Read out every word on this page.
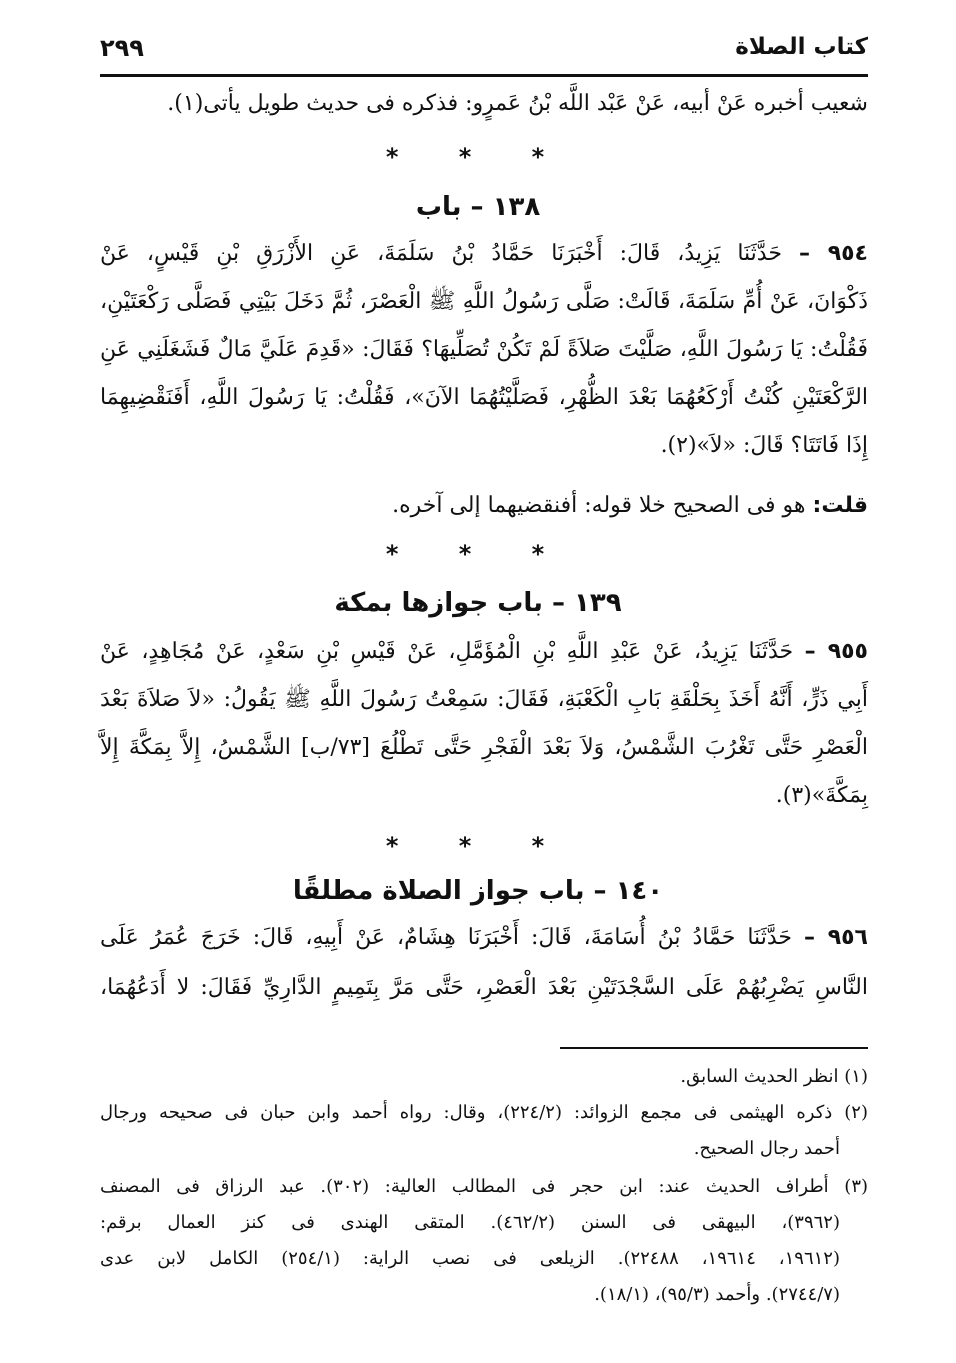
٢٩٩	كتاب الصلاة
شعيب أخبره عَنْ أبيه، عَنْ عَبْد اللَّه بْنُ عَمرٍو: فذكره فى حديث طويل يأتى(١).
* * *
١٣٨ – باب
٩٥٤ – حَدَّثَنَا يَزِيدُ، قَالَ: أَخْبَرَنَا حَمَّادُ بْنُ سَلَمَةَ، عَنِ الأَزْرَقِ بْنِ قَيْسٍ، عَنْ
ذَكْوَانَ، عَنْ أُمِّ سَلَمَةَ، قَالَتْ: صَلَّى رَسُولُ اللَّهِ ﷺ الْعَصْرَ، ثُمَّ دَخَلَ بَيْتِي فَصَلَّى رَكْعَتَيْنِ،
فَقُلْتُ: يَا رَسُولَ اللَّهِ، صَلَّيْتَ صَلاَةً لَمْ تَكُنْ تُصَلِّيهَا؟ فَقَالَ: «قَدِمَ عَلَيَّ مَالٌ فَشَغَلَنِي عَنِ
الرَّكْعَتَيْنِ كُنْتُ أَرْكَعُهُمَا بَعْدَ الظُّهْرِ، فَصَلَّيْتُهُمَا الآنَ»، فَقُلْتُ: يَا رَسُولَ اللَّهِ، أَفَنَقْضِيهِمَا
إِذَا فَاتَتَا؟ قَالَ: «لاَ»(٢).
قلت: هو فى الصحيح خلا قوله: أفنقضيهما إلى آخره.
* * *
١٣٩ – باب جوازها بمكة
٩٥٥ – حَدَّثَنَا يَزِيدُ، عَنْ عَبْدِ اللَّهِ بْنِ الْمُؤَمَّلِ، عَنْ قَيْسِ بْنِ سَعْدٍ، عَنْ مُجَاهِدٍ، عَنْ
أَبِي ذَرٍّ، أَنَّهُ أَخَذَ بِحَلْقَةِ بَابِ الْكَعْبَةِ، فَقَالَ: سَمِعْتُ رَسُولَ اللَّهِ ﷺ يَقُولُ: «لاَ صَلاَةَ بَعْدَ
الْعَصْرِ حَتَّى تَغْرُبَ الشَّمْسُ، وَلاَ بَعْدَ الْفَجْرِ حَتَّى تَطْلُعَ [٧٣/ب] الشَّمْسُ، إِلاَّ بِمَكَّةَ إِلاَّ
بِمَكَّةَ»(٣).
* * *
١٤٠ – باب جواز الصلاة مطلقًا
٩٥٦ – حَدَّثَنَا حَمَّادُ بْنُ أُسَامَةَ، قَالَ: أَخْبَرَنَا هِشَامٌ، عَنْ أَبِيهِ، قَالَ: خَرَجَ عُمَرُ عَلَى
النَّاسِ يَضْرِبُهُمْ عَلَى السَّجْدَتَيْنِ بَعْدَ الْعَصْرِ، حَتَّى مَرَّ بِتَمِيمٍ الدَّارِيِّ فَقَالَ: لا أَدَعُهُمَا،
(١) انظر الحديث السابق.
(٢) ذكره الهيثمى فى مجمع الزوائد: (٢٢٤/٢)، وقال: رواه أحمد وابن حبان فى صحيحه ورجال
أحمد رجال الصحيح.
(٣) أطراف الحديث عند: ابن حجر فى المطالب العالية: (٣٠٢). عبد الرزاق فى المصنف
(٣٩٦٢)، البيهقى فى السنن (٤٦٢/٢). المتقى الهندى فى كنز العمال برقم:
(١٩٦١٢، ١٩٦١٤، ٢٢٤٨٨). الزيلعى فى نصب الراية: (٢٥٤/١) الكامل لابن عدى
(٢٧٤٤/٧). وأحمد (٩٥/٣)، (١٨/١).
